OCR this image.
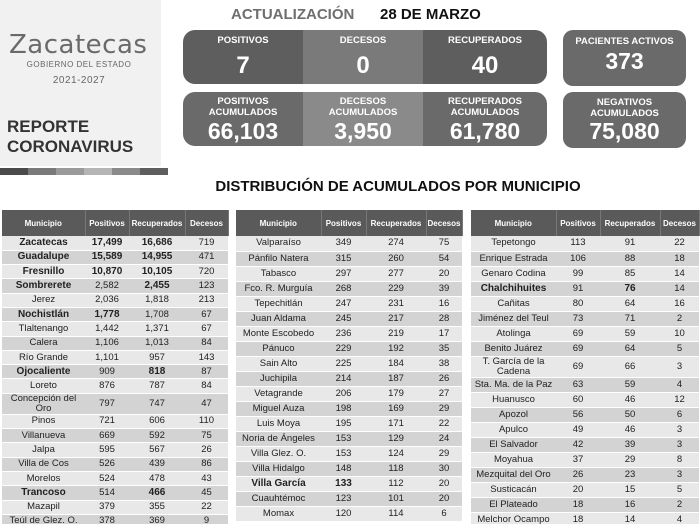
Zacatecas
GOBIERNO DEL ESTADO
2021-2027
REPORTE
CORONAVIRUS
ACTUALIZACIÓN 28 DE MARZO
POSITIVOS
7
DECESOS
0
RECUPERADOS
40
POSITIVOS ACUMULADOS
66,103
DECESOS ACUMULADOS
3,950
RECUPERADOS ACUMULADOS
61,780
PACIENTES ACTIVOS
373
NEGATIVOS ACUMULADOS
75,080
DISTRIBUCIÓN DE ACUMULADOS POR MUNICIPIO
Municipio	Positivos	Recuperados	Decesos
Zacatecas	17,499	16,686	719
Guadalupe	15,589	14,955	471
Fresnillo	10,870	10,105	720
Sombrerete	2,582	2,455	123
Jerez	2,036	1,818	213
Nochistlán	1,778	1,708	67
Tlaltenango	1,442	1,371	67
Calera	1,106	1,013	84
Río Grande	1,101	957	143
Ojocaliente	909	818	87
Loreto	876	787	84
Concepción del Oro	797	747	47
Pinos	721	606	110
Villanueva	669	592	75
Jalpa	595	567	26
Villa de Cos	526	439	86
Morelos	524	478	43
Trancoso	514	466	45
Mazapil	379	355	22
Teúl de Glez. O.	378	369	9
Municipio	Positivos	Recuperados	Decesos
Valparaíso	349	274	75
Pánfilo Natera	315	260	54
Tabasco	297	277	20
Fco. R. Murguía	268	229	39
Tepechitlán	247	231	16
Juan Aldama	245	217	28
Monte Escobedo	236	219	17
Pánuco	229	192	35
Sain Alto	225	184	38
Juchipila	214	187	26
Vetagrande	206	179	27
Miguel Auza	198	169	29
Luis Moya	195	171	22
Noria de Ángeles	153	129	24
Villa Glez. O.	153	124	29
Villa Hidalgo	148	118	30
Villa García	133	112	20
Cuauhtémoc	123	101	20
Momax	120	114	6
Municipio	Positivos	Recuperados	Decesos
Tepetongo	113	91	22
Enrique Estrada	106	88	18
Genaro Codina	99	85	14
Chalchihuites	91	76	14
Cañitas	80	64	16
Jiménez del Teul	73	71	2
Atolinga	69	59	10
Benito Juárez	69	64	5
T. García de la Cadena	69	66	3
Sta. Ma. de la Paz	63	59	4
Huanusco	60	46	12
Apozol	56	50	6
Apulco	49	46	3
El Salvador	42	39	3
Moyahua	37	29	8
Mezquital del Oro	26	23	3
Susticacán	20	15	5
El Plateado	18	16	2
Melchor Ocampo	18	14	4
